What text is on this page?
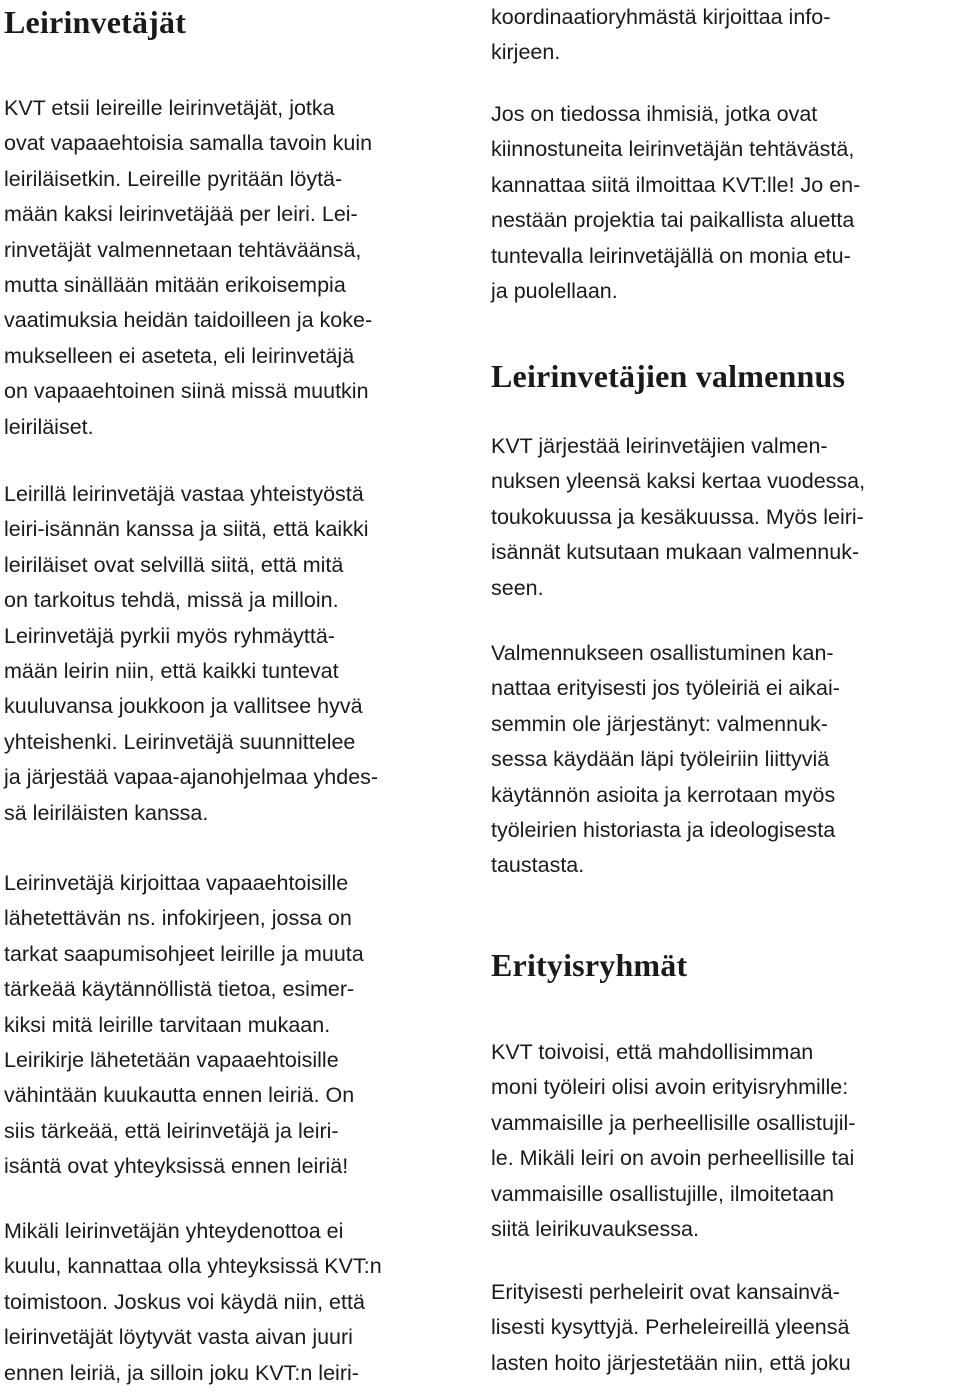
Leirinvetäjät

KVT etsii leireille leirinvetäjät, jotka
ovat vapaaehtoisia samalla tavoin kuin
leiriläisetkin. Leireille pyritään löytä-
mään kaksi leirinvetäjää per leiri. Lei-
rinvetäjät valmennetaan tehtäväänsä,
mutta sinällään mitään erikoisempia
vaatimuksia heidän taidoilleen ja koke-
mukselleen ei aseteta, eli leirinvetäjä
on vapaaehtoinen siinä missä muutkin
leiriläiset.

Leirillä leirinvetäjä vastaa yhteistyöstä
leiri-isännän kanssa ja siitä, että kaikki
leiriläiset ovat selvillä siitä, että mitä
on tarkoitus tehdä, missä ja milloin.
Leirinvetäjä pyrkii myös ryhmäyttä-
mään leirin niin, että kaikki tuntevat
kuuluvansa joukkoon ja vallitsee hyvä
yhteishenki. Leirinvetäjä suunnittelee
ja järjestää vapaa-ajanohjelmaa yhdes-
sä leiriläisten kanssa.

Leirinvetäjä kirjoittaa vapaaehtoisille
lähetettävän ns. infokirjeen, jossa on
tarkat saapumisohjeet leirille ja muuta
tärkeää käytännöllistä tietoa, esimer-
kiksi mitä leirille tarvitaan mukaan.
Leirikirje lähetetään vapaaehtoisille
vähintään kuukautta ennen leiriä. On
siis tärkeää, että leirinvetäjä ja leiri-
isäntä ovat yhteyksissä ennen leiriä!

Mikäli leirinvetäjän yhteydenottoa ei
kuulu, kannattaa olla yhteyksissä KVT:n
toimistoon. Joskus voi käydä niin, että
leirinvetäjät löytyvät vasta aivan juuri
ennen leiriä, ja silloin joku KVT:n leiri-

koordinaatioryhmästä kirjoittaa info-
kirjeen.

Jos on tiedossa ihmisiä, jotka ovat
kiinnostuneita leirinvetäjän tehtävästä,
kannattaa siitä ilmoittaa KVT:lle! Jo en-
nestään projektia tai paikallista aluetta
tuntevalla leirinvetäjällä on monia etu-
ja puolellaan.

Leirinvetäjien valmennus

KVT järjestää leirinvetäjien valmen-
nuksen yleensä kaksi kertaa vuodessa,
toukokuussa ja kesäkuussa. Myös leiri-
isännät kutsutaan mukaan valmennuk-
seen.

Valmennukseen osallistuminen kan-
nattaa erityisesti jos työleiriä ei aikai-
semmin ole järjestänyt: valmennuk-
sessa käydään läpi työleiriin liittyviä
käytännön asioita ja kerrotaan myös
työleirien historiasta ja ideologisesta
taustasta.

Erityisryhmät

KVT toivoisi, että mahdollisimman
moni työleiri olisi avoin erityisryhmille:
vammaisille ja perheellisille osallistujil-
le. Mikäli leiri on avoin perheellisille tai
vammaisille osallistujille, ilmoitetaan
siitä leirikuvauksessa.

Erityisesti perheleirit ovat kansainvä-
lisesti kysyttyjä. Perheleireillä yleensä
lasten hoito järjestetään niin, että joku
